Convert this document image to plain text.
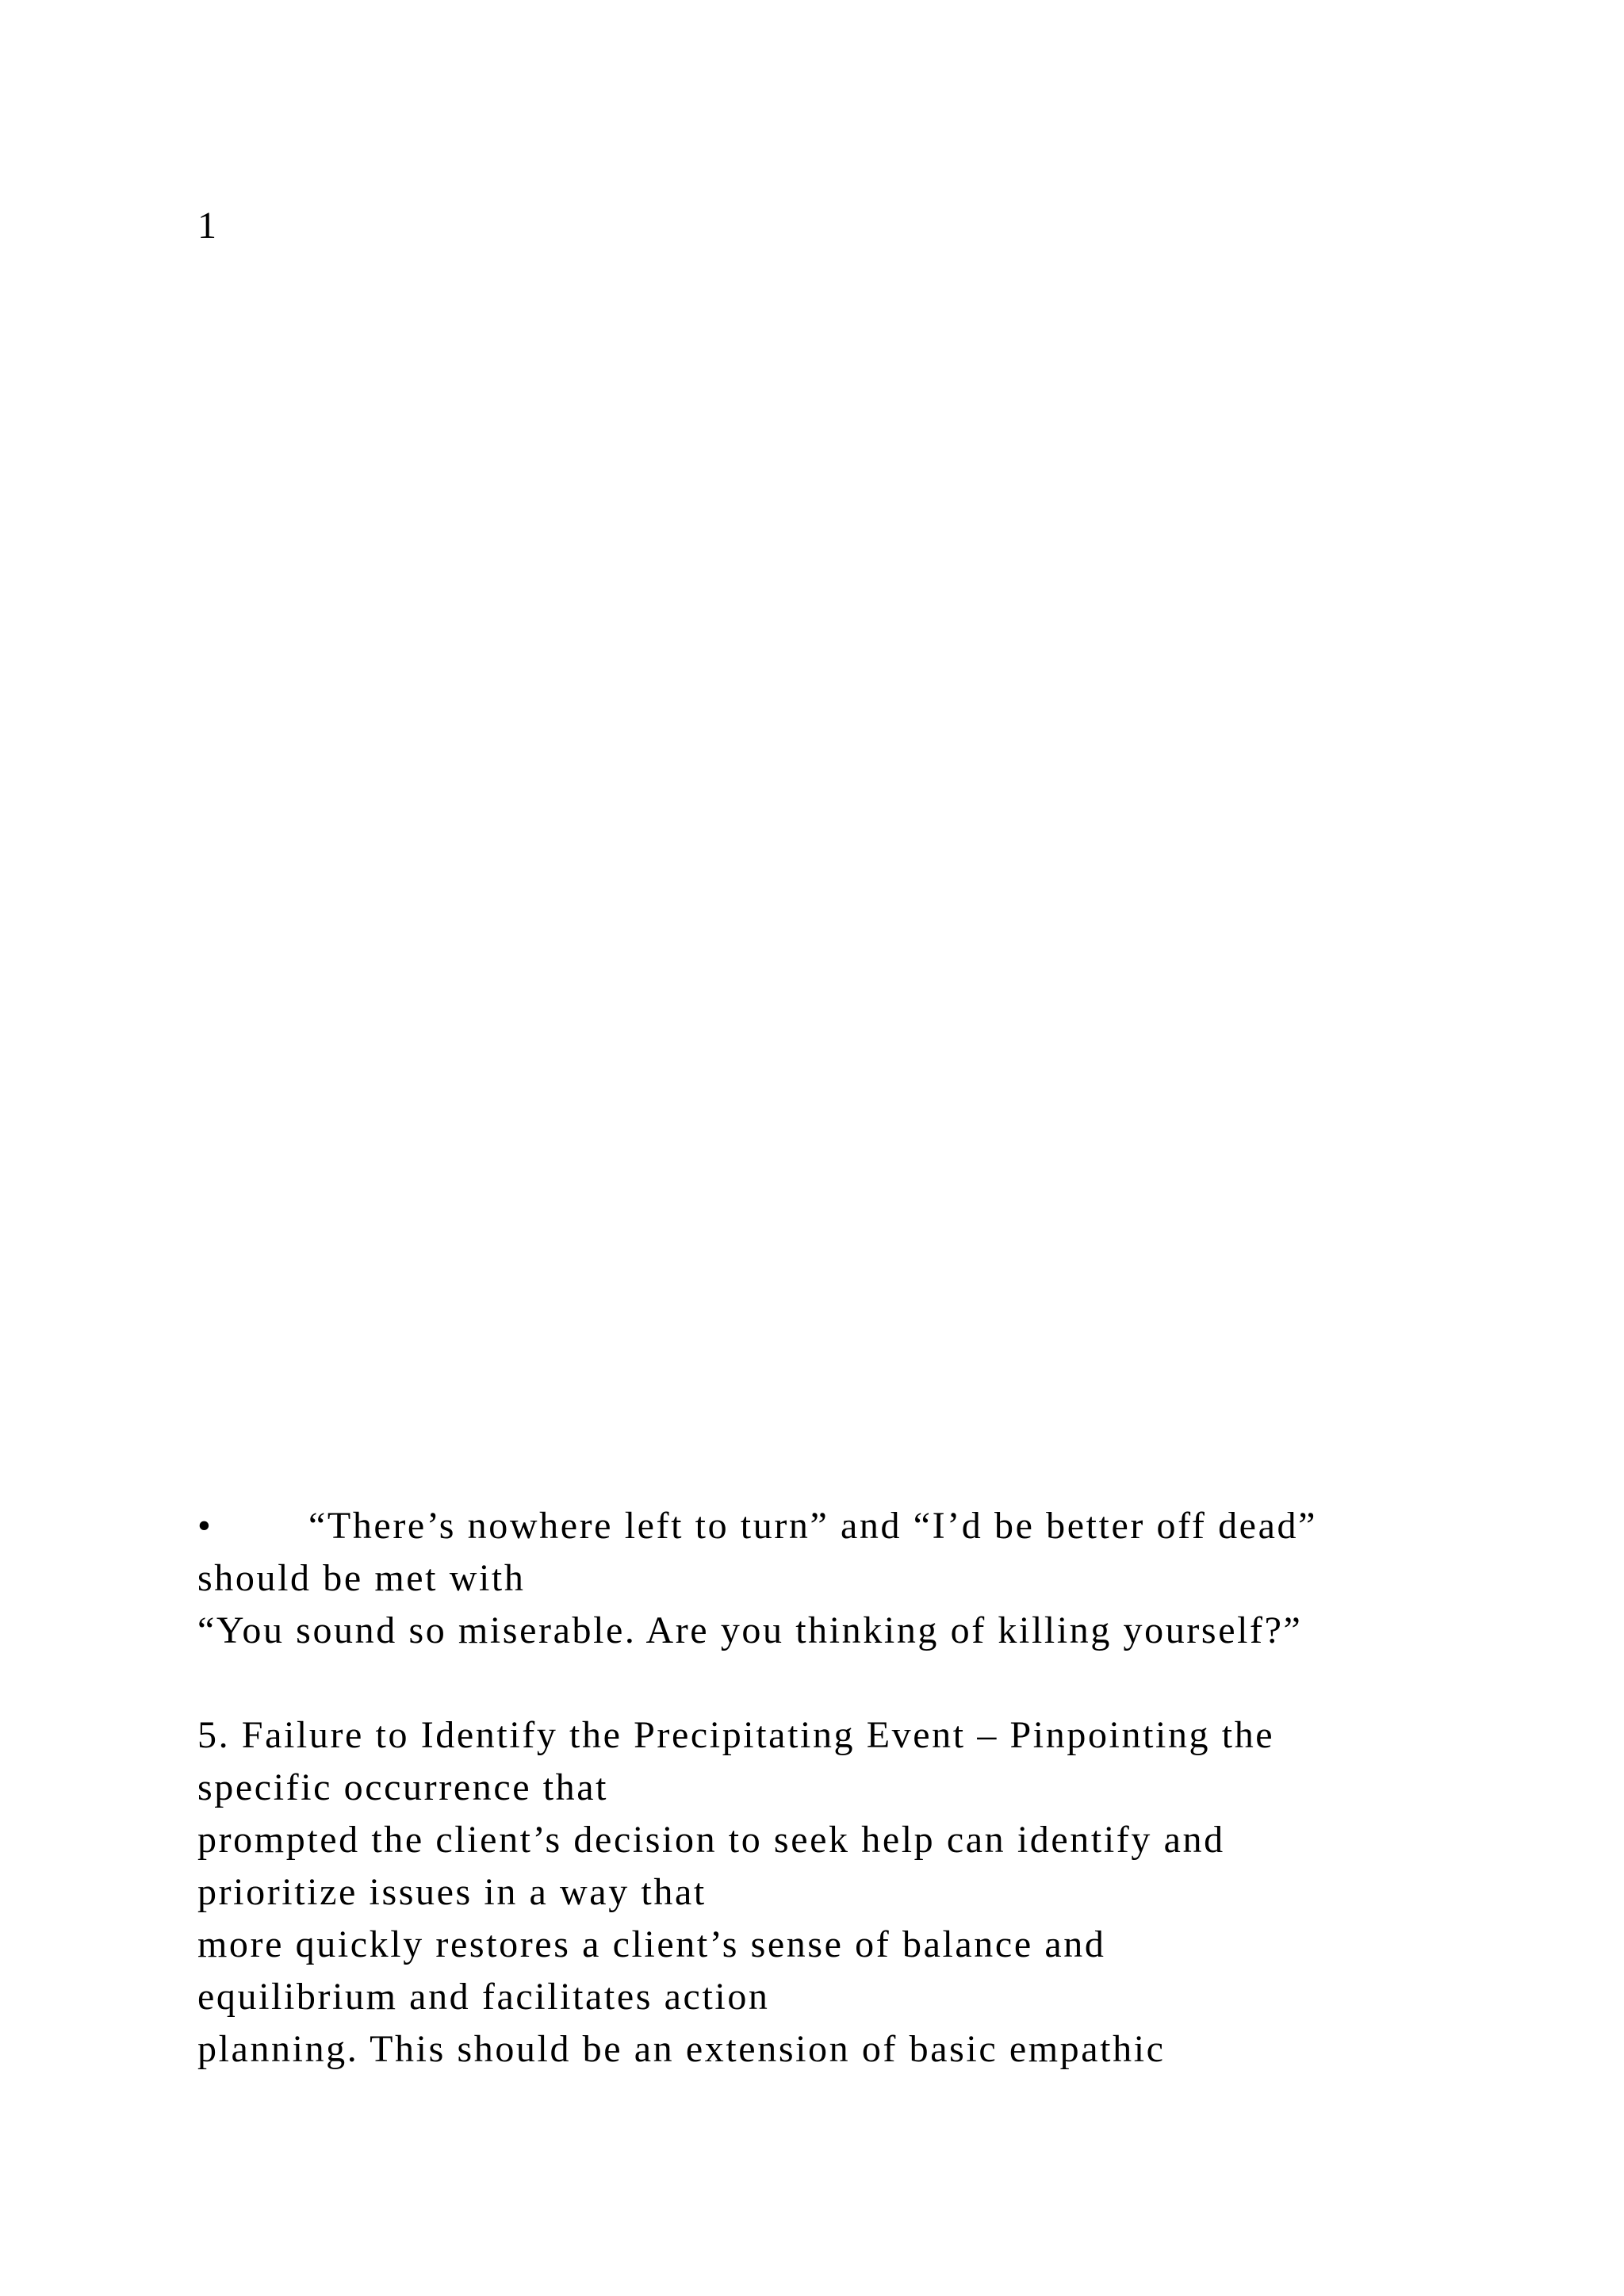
1
•	“There’s nowhere left to turn” and “I’d be better off dead”
should be met with
“You sound so miserable. Are you thinking of killing yourself?”
5. Failure to Identify the Precipitating Event – Pinpointing the
specific occurrence that
prompted the client’s decision to seek help can identify and
prioritize issues in a way that
more quickly restores a client’s sense of balance and
equilibrium and facilitates action
planning. This should be an extension of basic empathic
